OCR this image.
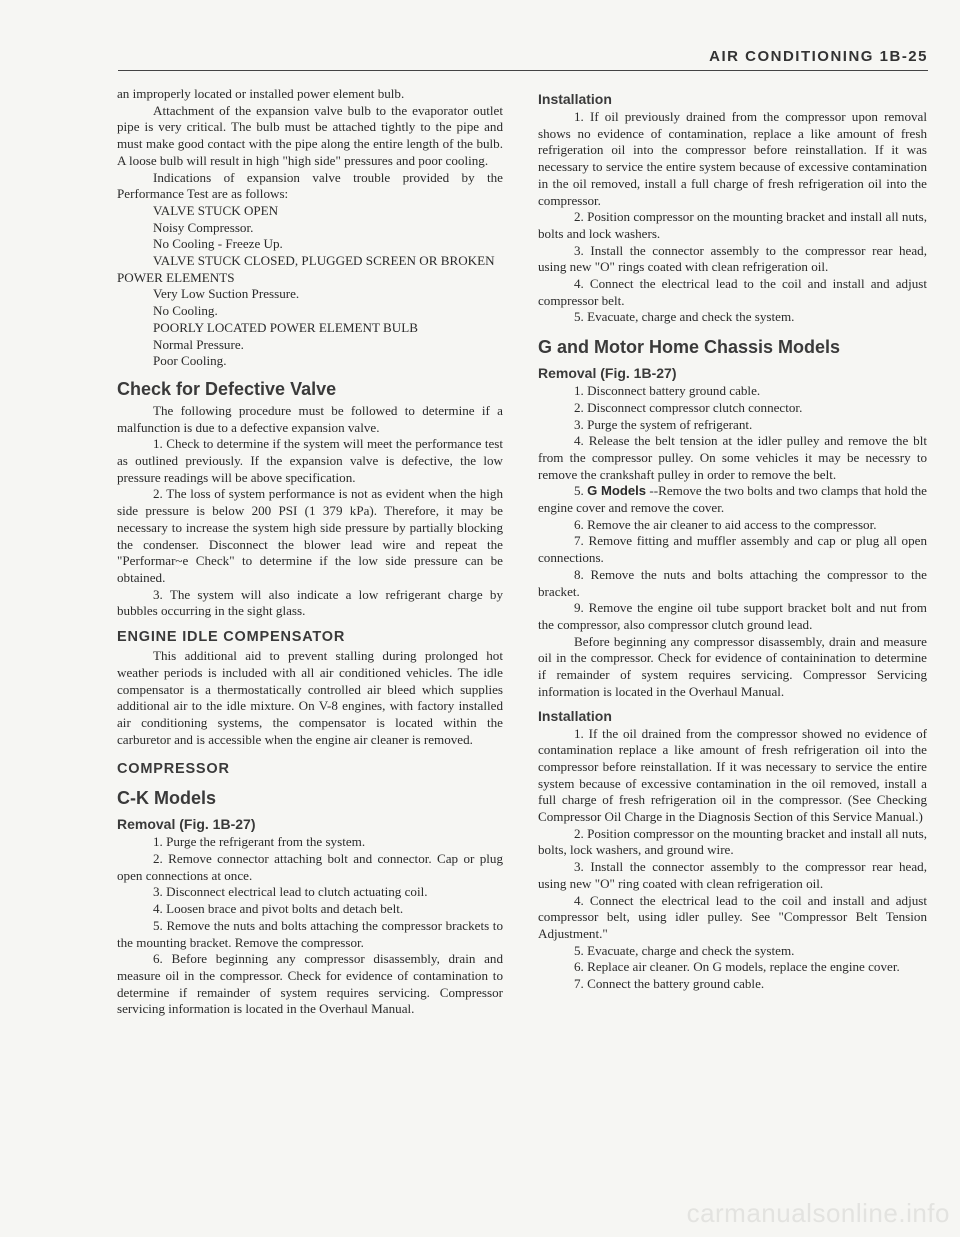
AIR CONDITIONING 1B-25

an improperly located or installed power element bulb.

Attachment of the expansion valve bulb to the evaporator outlet pipe is very critical. The bulb must be attached tightly to the pipe and must make good contact with the pipe along the entire length of the bulb. A loose bulb will result in high "high side" pressures and poor cooling.

Indications of expansion valve trouble provided by the Performance Test are as follows:

VALVE STUCK OPEN

Noisy Compressor.

No Cooling - Freeze Up.

VALVE STUCK CLOSED, PLUGGED SCREEN OR BROKEN POWER ELEMENTS

Very Low Suction Pressure.

No Cooling.

POORLY LOCATED POWER ELEMENT BULB

Normal Pressure.

Poor Cooling.

Check for Defective Valve

The following procedure must be followed to determine if a malfunction is due to a defective expansion valve.

1. Check to determine if the system will meet the performance test as outlined previously. If the expansion valve is defective, the low pressure readings will be above specification.

2. The loss of system performance is not as evident when the high side pressure is below 200 PSI (1 379 kPa). Therefore, it may be necessary to increase the system high side pressure by partially blocking the condenser. Disconnect the blower lead wire and repeat the "Performar~e Check" to determine if the low side pressure can be obtained.

3. The system will also indicate a low refrigerant charge by bubbles occurring in the sight glass.

ENGINE IDLE COMPENSATOR

This additional aid to prevent stalling during prolonged hot weather periods is included with all air conditioned vehicles. The idle compensator is a thermostatically controlled air bleed which supplies additional air to the idle mixture. On V-8 engines, with factory installed air conditioning systems, the compensator is located within the carburetor and is accessible when the engine air cleaner is removed.

COMPRESSOR
C-K Models
Removal (Fig. 1B-27)

1. Purge the refrigerant from the system.

2. Remove connector attaching bolt and connector. Cap or plug open connections at once.

3. Disconnect electrical lead to clutch actuating coil.

4. Loosen brace and pivot bolts and detach belt.

5. Remove the nuts and bolts attaching the compressor brackets to the mounting bracket. Remove the compressor.

6. Before beginning any compressor disassembly, drain and measure oil in the compressor. Check for evidence of contamination to determine if remainder of system requires servicing. Compressor servicing information is located in the Overhaul Manual.

Installation

1. If oil previously drained from the compressor upon removal shows no evidence of contamination, replace a like amount of fresh refrigeration oil into the compressor before reinstallation. If it was necessary to service the entire system because of excessive contamination in the oil removed, install a full charge of fresh refrigeration oil into the compressor.

2. Position compressor on the mounting bracket and install all nuts, bolts and lock washers.

3. Install the connector assembly to the compressor rear head, using new "O" rings coated with clean refrigeration oil.

4. Connect the electrical lead to the coil and install and adjust compressor belt.

5. Evacuate, charge and check the system.

G and Motor Home Chassis Models
Removal (Fig. 1B-27)

1. Disconnect battery ground cable.

2. Disconnect compressor clutch connector.

3. Purge the system of refrigerant.

4. Release the belt tension at the idler pulley and remove the blt from the compressor pulley. On some vehicles it may be necessry to remove the crankshaft pulley in order to remove the belt.

5. G Models --Remove the two bolts and two clamps that hold the engine cover and remove the cover.

6. Remove the air cleaner to aid access to the compressor.

7. Remove fitting and muffler assembly and cap or plug all open connections.

8. Remove the nuts and bolts attaching the compressor to the bracket.

9. Remove the engine oil tube support bracket bolt and nut from the compressor, also compressor clutch ground lead.

Before beginning any compressor disassembly, drain and measure oil in the compressor. Check for evidence of containination to determine if remainder of system requires servicing. Compressor Servicing information is located in the Overhaul Manual.

Installation

1. If the oil drained from the compressor showed no evidence of contamination replace a like amount of fresh refrigeration oil into the compressor before reinstallation. If it was necessary to service the entire system because of excessive contamination in the oil removed, install a full charge of fresh refrigeration oil in the compressor. (See Checking Compressor Oil Charge in the Diagnosis Section of this Service Manual.)

2. Position compressor on the mounting bracket and install all nuts, bolts, lock washers, and ground wire.

3. Install the connector assembly to the compressor rear head, using new "O" ring coated with clean refrigeration oil.

4. Connect the electrical lead to the coil and install and adjust compressor belt, using idler pulley. See "Compressor Belt Tension Adjustment."

5. Evacuate, charge and check the system.

6. Replace air cleaner. On G models, replace the engine cover.

7. Connect the battery ground cable.

carmanualsonline.info
